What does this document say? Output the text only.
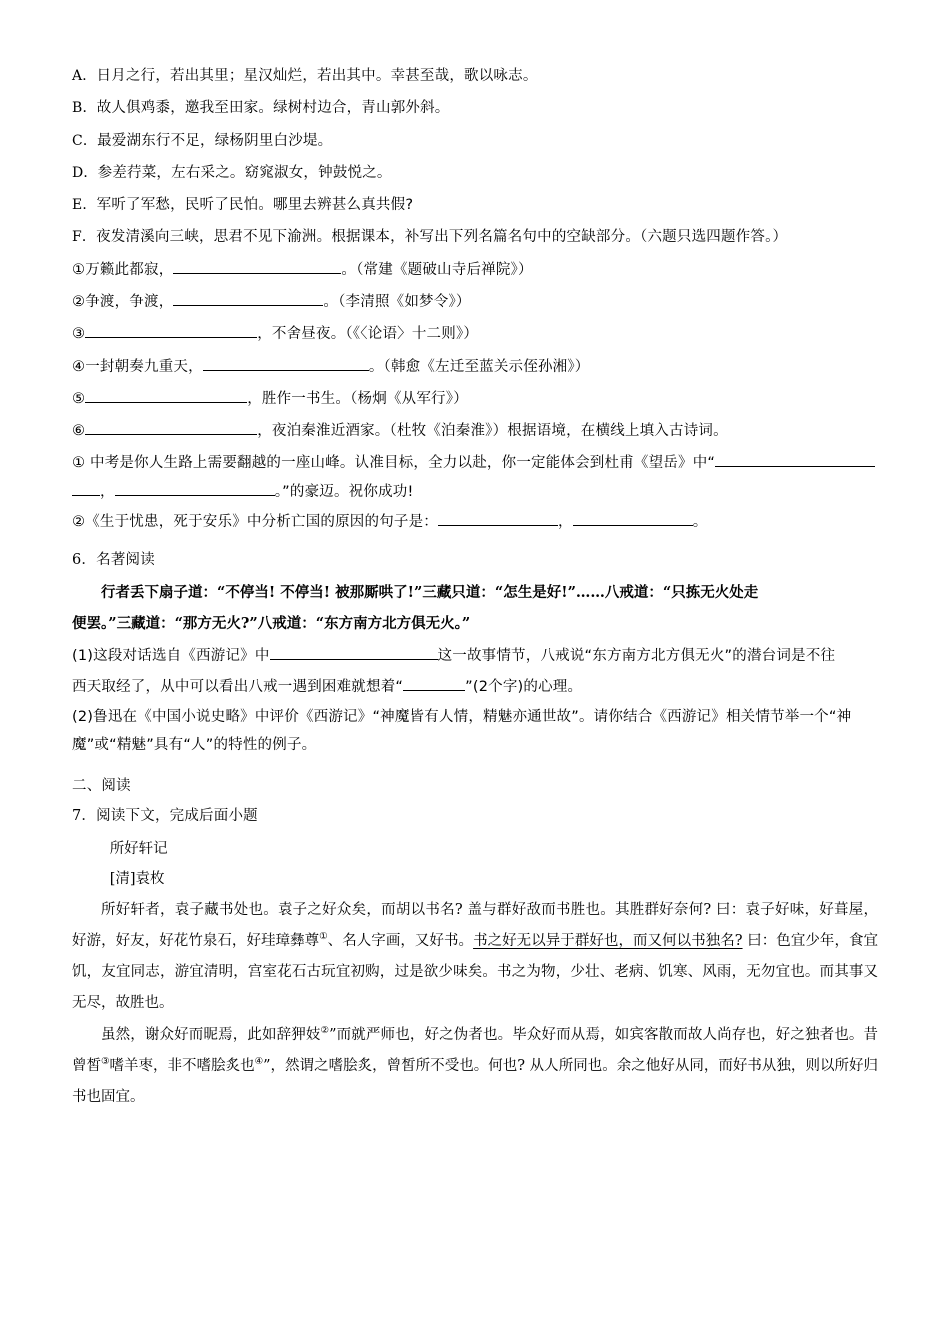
A．日月之行，若出其里；星汉灿烂，若出其中。幸甚至哉，歌以咏志。
B．故人俱鸡黍，邀我至田家。绿树村边合，青山郭外斜。
C．最爱湖东行不足，绿杨阴里白沙堤。
D．参差荇菜，左右采之。窈窕淑女，钟鼓悦之。
E．军听了军愁，民听了民怕。哪里去辨甚么真共假?
F．夜发清溪向三峡，思君不见下渝洲。根据课本，补写出下列名篇名句中的空缺部分。（六题只选四题作答。）
①万籁此都寂，	。（常建《题破山寺后禅院》）
②争渡，争渡，	。（李清照《如梦令》）
③	，不舍昼夜。（《〈论语〉十二则》）
④一封朝奏九重天，	。（韩愈《左迁至蓝关示侄孙湘》）
⑤	，胜作一书生。（杨炯《从军行》）
⑥	，夜泊秦淮近酒家。（杜牧《泊秦淮》）根据语境，在横线上填入古诗词。
① 中考是你人生路上需要翻越的一座山峰。认准目标，全力以赴，你一定能体会到杜甫《望岳》中“，	。”的豪迈。祝你成功!
②《生于忧患，死于安乐》中分析亡国的原因的句子是：	，	。
6．名著阅读
行者丢下扇子道：“不停当! 不停当! 被那厮哄了!”三藏只道：“怎生是好!”……八戒道：“只拣无火处走
便罢。”三藏道：“那方无火?”八戒道：“东方南方北方俱无火。”
(1)这段对话选自《西游记》中	这一故事情节，八戒说“东方南方北方俱无火”的潜台词是不往
西天取经了，从中可以看出八戒一遇到困难就想着“	”(2个字)的心理。
(2)鲁迅在《中国小说史略》中评价《西游记》“神魔皆有人情，精魅亦通世故”。请你结合《西游记》相关情节举一个“神魔”或“精魅”具有“人”的特性的例子。
二、阅读
7．阅读下文，完成后面小题
所好轩记
[清]袁枚
所好轩者，袁子藏书处也。袁子之好众矣，而胡以书名? 盖与群好敌而书胜也。其胜群好奈何? 曰：袁子好味，好葺屋，好游，好友，好花竹泉石，好珪璋彝尊①、名人字画，又好书。书之好无以异于群好也，而又何以书独名? 曰：色宜少年，食宜饥，友宜同志，游宜清明，宫室花石古玩宜初购，过是欲少味矣。书之为物，少壮、老病、饥寒、风雨，无勿宜也。而其事又无尽，故胜也。
虽然，谢众好而昵焉，此如辞狎妓②”而就严师也，好之伪者也。毕众好而从焉，如宾客散而故人尚存也，好之独者也。昔曾皙③嗜羊枣，非不嗜脍炙也④”，然谓之嗜脍炙，曾皙所不受也。何也? 从人所同也。余之他好从同，而好书从独，则以所好归书也固宜。
